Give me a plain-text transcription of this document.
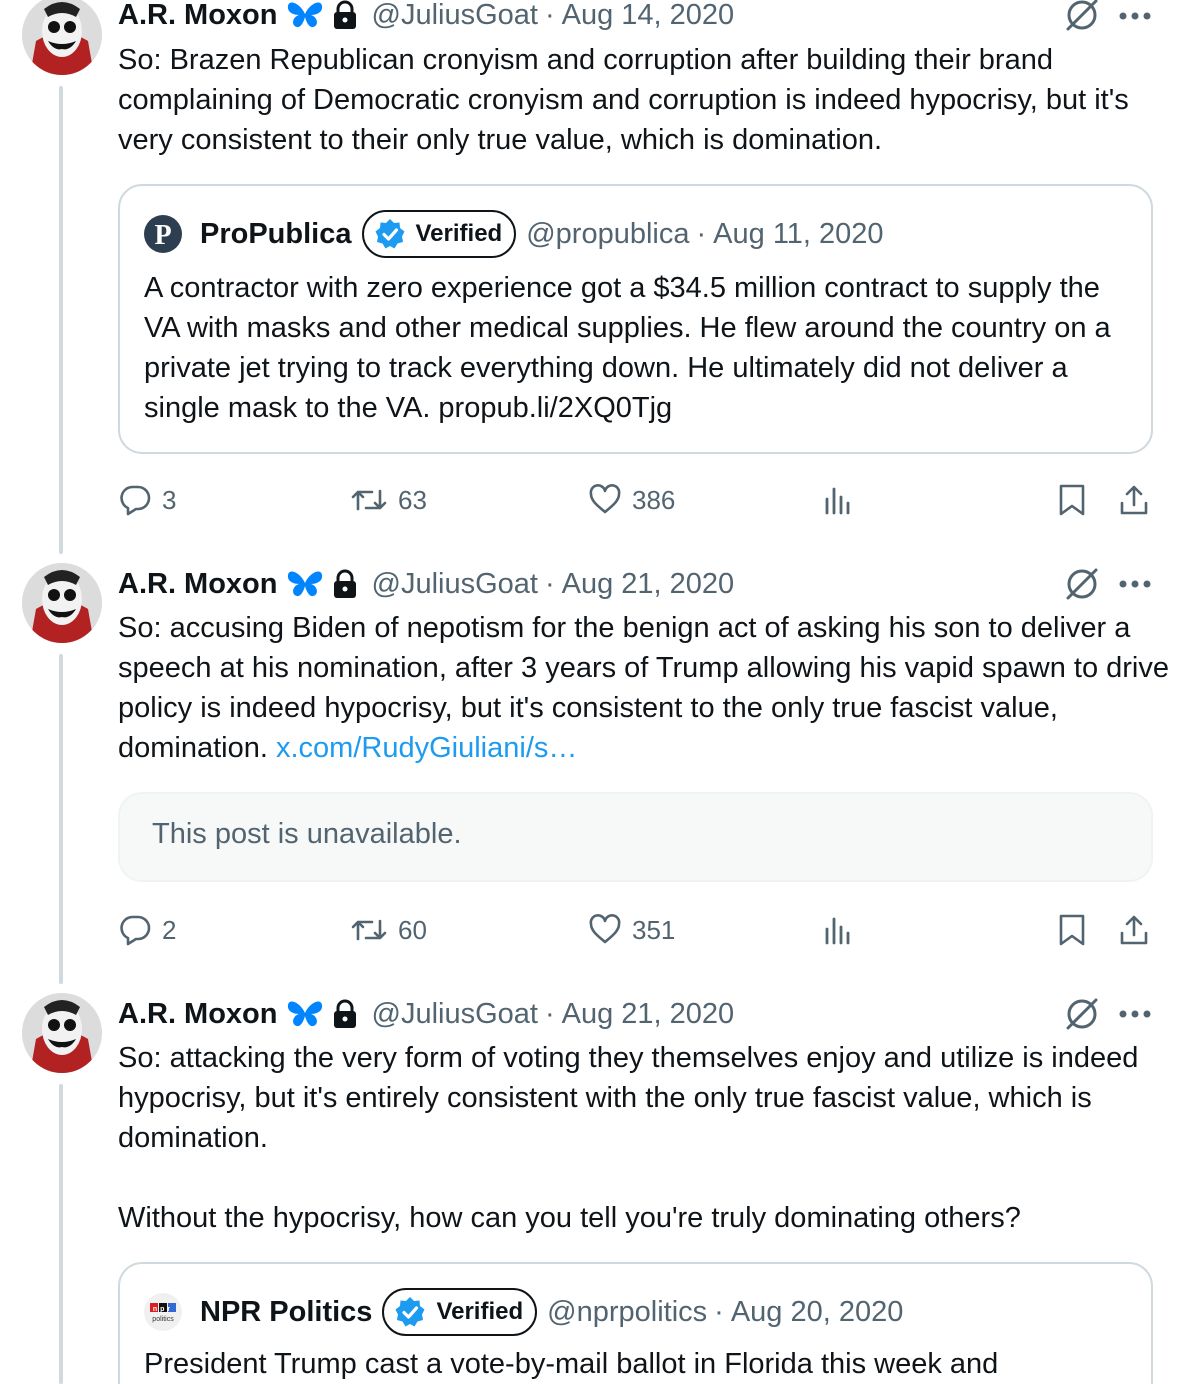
A.R. Moxon	@JuliusGoat · Aug 14, 2020
So: Brazen Republican cronyism and corruption after building their brand complaining of Democratic cronyism and corruption is indeed hypocrisy, but it's very consistent to their only true value, which is domination.
P ProPublica	Verified @propublica · Aug 11, 2020
A contractor with zero experience got a $34.5 million contract to supply the VA with masks and other medical supplies. He flew around the country on a private jet trying to track everything down. He ultimately did not deliver a single mask to the VA. propub.li/2XQ0Tjg
3	63	386
A.R. Moxon	@JuliusGoat · Aug 21, 2020
So: accusing Biden of nepotism for the benign act of asking his son to deliver a speech at his nomination, after 3 years of Trump allowing his vapid spawn to drive policy is indeed hypocrisy, but it's consistent to the only true fascist value, domination. x.com/RudyGiuliani/s…
This post is unavailable.
2	60	351
A.R. Moxon	@JuliusGoat · Aug 21, 2020
So: attacking the very form of voting they themselves enjoy and utilize is indeed hypocrisy, but it's entirely consistent with the only true fascist value, which is domination.

Without the hypocrisy, how can you tell you're truly dominating others?
npr
politics NPR Politics	Verified @nprpolitics · Aug 20, 2020
President Trump cast a vote-by-mail ballot in Florida this week and
